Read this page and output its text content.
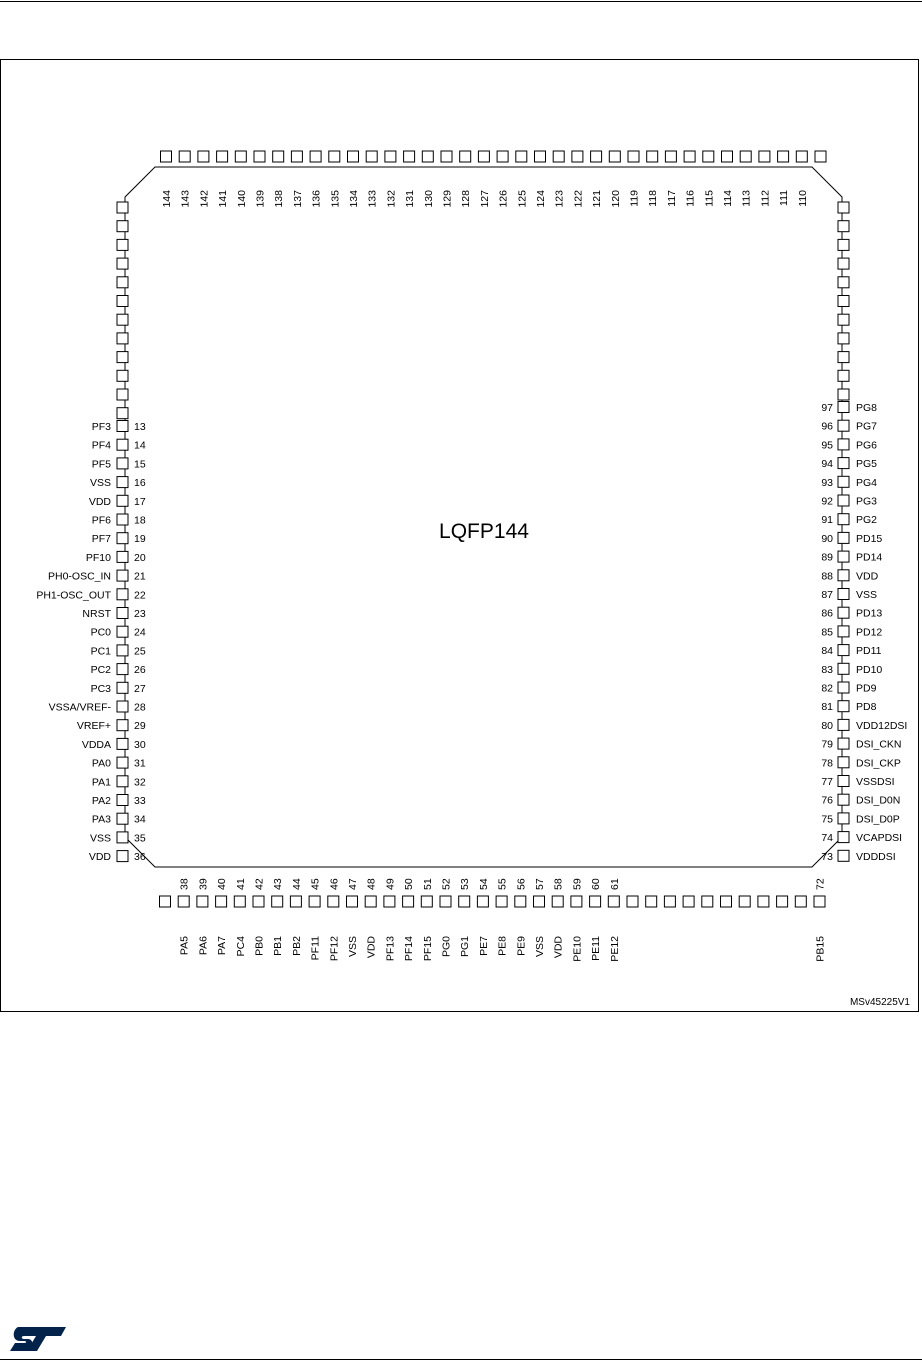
PF3 13
PF4 14
PF5 15
VSS 16
VDD 17
PF6 18
PF7 19
PF10 20
PH0-OSC_IN 21
PH1-OSC_OUT 22
NRST 23
PC0 24
PC1 25
PC2 26
PC3 27
VSSA/VREF- 28
VREF+ 29
VDDA 30
PA0 31
PA1 32
PA2 33
PA3 34
VSS 35
VDD 36
97 PG8
96 PG7
95 PG6
94 PG5
93 PG4
92 PG3
91 PG2
90 PD15
89 PD14
88 VDD
87 VSS
86 PD13
85 PD12
84 PD11
83 PD10
82 PD9
81 PD8
80 VDD12DSI
79 DSI_CKN
78 DSI_CKP
77 VSSDSI
76 DSI_D0N
75 DSI_D0P
74 VCAPDSI
73 VDDDSI
144 143 142 141 140 139 138 137 136 135 134 133 132 131 130 129 128 127 126 125 124 123 122 121 120 119 118 117 116 115 114 113 112 111 110
38
PA5
39
PA6
40
PA7
41
PC4
42
PB0
43
PB1
44
PB2
45
PF11
46
PF12
47
VSS
48
VDD
49
PF13
50
PF14
51
PF15
52
PG0
53
PG1
54
PE7
55
PE8
56
PE9
57
VSS
58
VDD
59
PE10
60
PE11
61
PE12
72
PB15
LQFP144
MSv45225V1
